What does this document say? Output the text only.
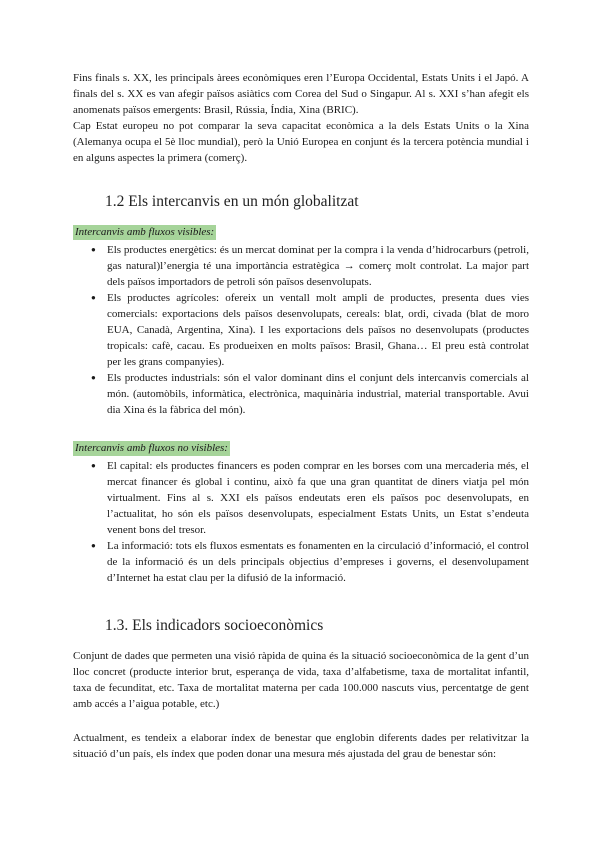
Fins finals s. XX, les principals àrees econòmiques eren l’Europa Occidental, Estats Units i el Japó. A finals del s. XX es van afegir països asiàtics com Corea del Sud o Singapur. Al s. XXI s’han afegit els anomenats països emergents: Brasil, Rússia, Índia, Xina (BRIC).

Cap Estat europeu no pot comparar la seva capacitat econòmica a la dels Estats Units o la Xina (Alemanya ocupa el 5è lloc mundial), però la Unió Europea en conjunt és la tercera potència mundial i en alguns aspectes la primera (comerç).

1.2 Els intercanvis en un món globalitzat
Intercanvis amb fluxos visibles:
● Els productes energètics: és un mercat dominat per la compra i la venda d’hidrocarburs (petroli, gas natural)l’energia té una importància estratègica → comerç molt controlat. La major part dels països importadors de petroli són països desenvolupats.
● Els productes agrícoles: ofereix un ventall molt ampli de productes, presenta dues vies comercials: exportacions dels països desenvolupats, cereals: blat, ordi, civada (blat de moro EUA, Canadà, Argentina, Xina). I les exportacions dels països no desenvolupats (productes tropicals: cafè, cacau. Es produeixen en molts països: Brasil, Ghana… El preu està controlat per les grans companyies).
● Els productes industrials: són el valor dominant dins el conjunt dels intercanvis comercials al món. (automòbils, informàtica, electrònica, maquinària industrial, material transportable. Avui dia Xina és la fàbrica del món).
Intercanvis amb fluxos no visibles:
● El capital: els productes financers es poden comprar en les borses com una mercaderia més, el mercat financer és global i continu, això fa que una gran quantitat de diners viatja pel món virtualment. Fins al s. XXI els països endeutats eren els països poc desenvolupats, en l’actualitat, ho són els països desenvolupats, especialment Estats Units, un Estat s’endeuta venent bons del tresor.
● La informació: tots els fluxos esmentats es fonamenten en la circulació d’informació, el control de la informació és un dels principals objectius d’empreses i governs, el desenvolupament d’Internet ha estat clau per la difusió de la informació.
1.3. Els indicadors socioeconòmics

Conjunt de dades que permeten una visió ràpida de quina és la situació socioeconòmica de la gent d’un lloc concret (producte interior brut, esperança de vida, taxa d’alfabetisme, taxa de mortalitat infantil, taxa de fecunditat, etc. Taxa de mortalitat materna per cada 100.000 nascuts vius, percentatge de gent amb accés a l’aigua potable, etc.)

Actualment, es tendeix a elaborar índex de benestar que englobin diferents dades per relativitzar la situació d’un país, els índex que poden donar una mesura més ajustada del grau de benestar són:
